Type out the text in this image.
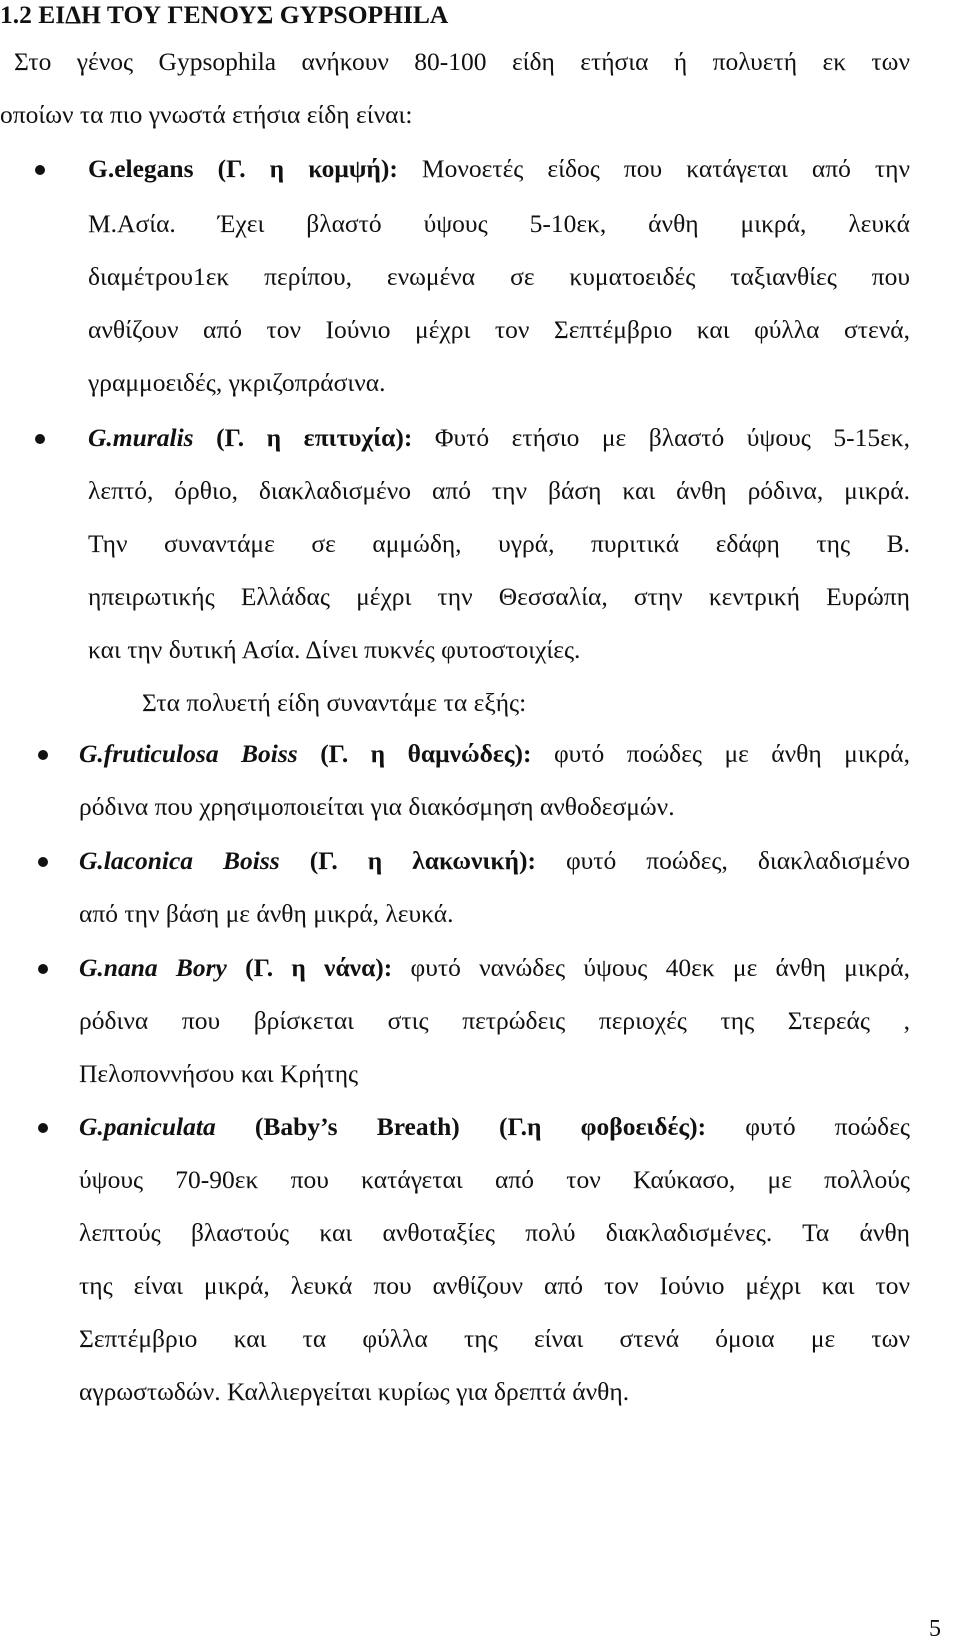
1.2 ΕΙΔΗ ΤΟΥ ΓΕΝΟΥΣ GYPSOPHILA
Στο γένος Gypsophila ανήκουν 80-100 είδη ετήσια ή πολυετή εκ των
οποίων τα πιο γνωστά ετήσια είδη είναι:
G.elegans (Γ. η κομψή): Μονοετές είδος που κατάγεται από την
Μ.Ασία. Έχει βλαστό ύψους 5-10εκ, άνθη μικρά, λευκά
διαμέτρου1εκ περίπου, ενωμένα σε κυματοειδές ταξιανθίες που
ανθίζουν από τον Ιούνιο μέχρι τον Σεπτέμβριο και φύλλα στενά,
γραμμοειδές, γκριζοπράσινα.
G.muralis (Γ. η επιτυχία): Φυτό ετήσιο με βλαστό ύψους 5-15εκ,
λεπτό, όρθιο, διακλαδισμένο από την βάση και άνθη ρόδινα, μικρά.
Την συναντάμε σε αμμώδη, υγρά, πυριτικά εδάφη της Β.
ηπειρωτικής Ελλάδας μέχρι την Θεσσαλία, στην κεντρική Ευρώπη
και την δυτική Ασία. Δίνει πυκνές φυτοστοιχίες.
Στα πολυετή είδη συναντάμε τα εξής:
G.fruticulosa Boiss (Γ. η θαμνώδες): φυτό ποώδες με άνθη μικρά,
ρόδινα που χρησιμοποιείται για διακόσμηση ανθοδεσμών.
G.laconica Boiss (Γ. η λακωνική): φυτό ποώδες, διακλαδισμένο
από την βάση με άνθη μικρά, λευκά.
G.nana Bory (Γ. η νάνα): φυτό νανώδες ύψους 40εκ με άνθη μικρά,
ρόδινα που βρίσκεται στις πετρώδεις περιοχές της Στερεάς ,
Πελοποννήσου και Κρήτης
G.paniculata (Baby’s Breath) (Γ.η φοβοειδές): φυτό ποώδες
ύψους 70-90εκ που κατάγεται από τον Καύκασο, με πολλούς
λεπτούς βλαστούς και ανθοταξίες πολύ διακλαδισμένες. Τα άνθη
της είναι μικρά, λευκά που ανθίζουν από τον Ιούνιο μέχρι και τον
Σεπτέμβριο και τα φύλλα της είναι στενά όμοια με των
αγρωστωδών. Καλλιεργείται κυρίως για δρεπτά άνθη.
5
